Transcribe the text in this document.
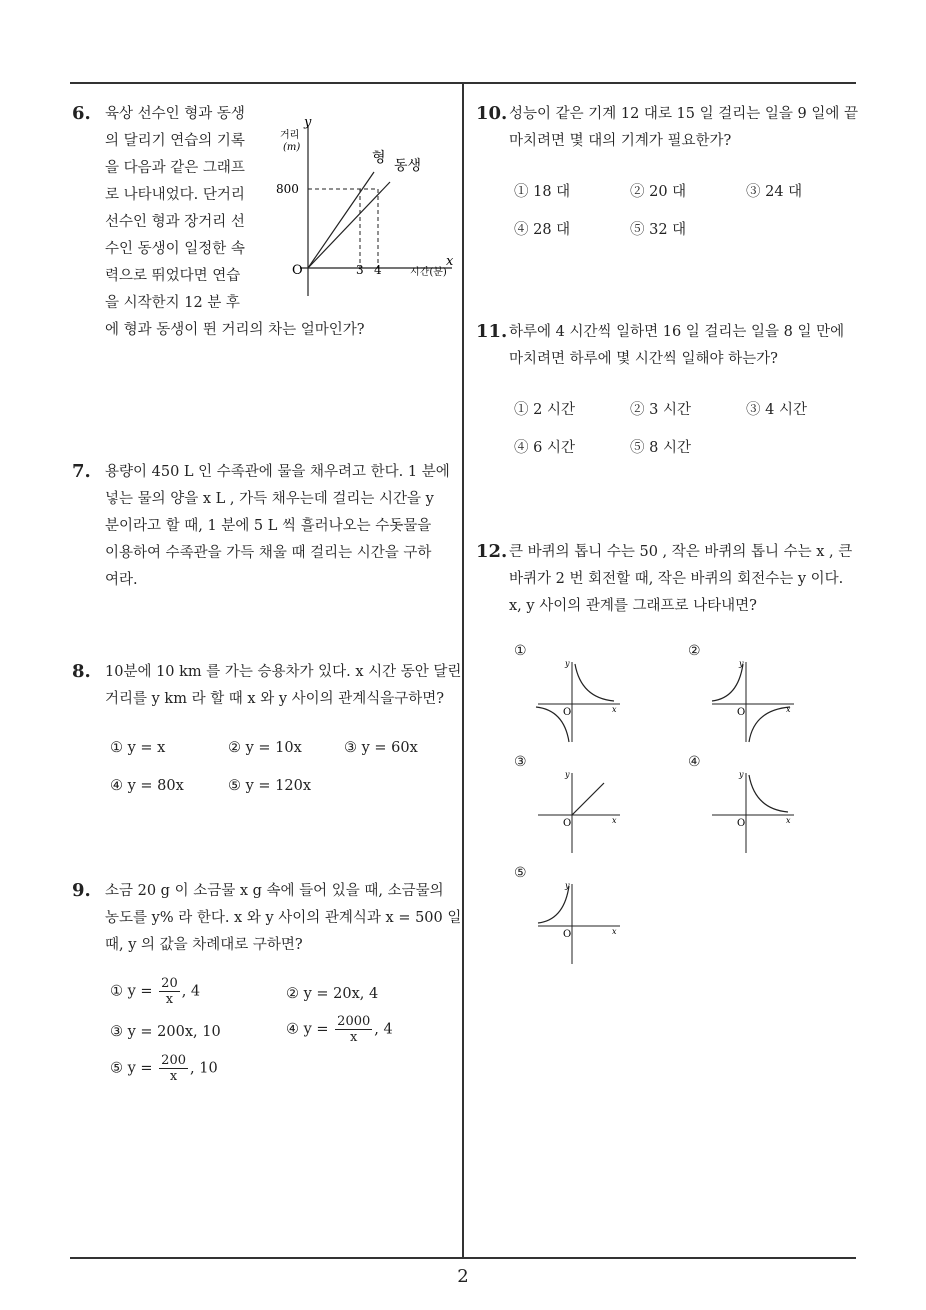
6. 육상 선수인 형과 동생
의 달리기 연습의 기록
을 다음과 같은 그래프
로 나타내었다. 단거리
선수인 형과 장거리 선
수인 동생이 일정한 속
력으로 뛰었다면 연습
을 시작한지 12 분 후
에 형과 동생이 뛴 거리의 차는 얼마인가?
y
거리
(m)
800
O	3 4
x
시간(분)
형 동생
7. 용량이 450 L 인 수족관에 물을 채우려고 한다. 1 분에
넣는 물의 양을 x L , 가득 채우는데 걸리는 시간을 y
분이라고 할 때, 1 분에 5 L 씩 흘러나오는 수돗물을
이용하여 수족관을 가득 채울 때 걸리는 시간을 구하
여라.
8. 10분에 10 km 를 가는 승용차가 있다. x 시간 동안 달린
거리를 y km 라 할 때 x 와 y 사이의 관계식을구하면?
① y = x	② y = 10x	③ y = 60x
④ y = 80x	⑤ y = 120x
9. 소금 20 g 이 소금물 x g 속에 들어 있을 때, 소금물의
농도를 y% 라 한다. x 와 y 사이의 관계식과 x = 500 일
때, y 의 값을 차례대로 구하면?
① $y = \frac{20}{x}$ , 4	② y = 20x, 4
③ y = 200x, 10	④ $y = \frac{2000}{x}$ , 4
⑤ $y = \frac{200}{x}$ , 10
10. 성능이 같은 기계 12 대로 15 일 걸리는 일을 9 일에 끝
마치려면 몇 대의 기계가 필요한가?
① 18 대	② 20 대	③ 24 대
④ 28 대	⑤ 32 대
11. 하루에 4 시간씩 일하면 16 일 걸리는 일을 8 일 만에
마치려면 하루에 몇 시간씩 일해야 하는가?
① 2 시간	② 3 시간	③ 4 시간
④ 6 시간	⑤ 8 시간
12. 큰 바퀴의 톱니 수는 50 , 작은 바퀴의 톱니 수는 x , 큰
바퀴가 2 번 회전할 때, 작은 바퀴의 회전수는 y 이다.
x, y 사이의 관계를 그래프로 나타내면?
①	②
③	④
⑤
y
x
O
y
x
O
y
x
O
y
x
O
y
x
O
2
